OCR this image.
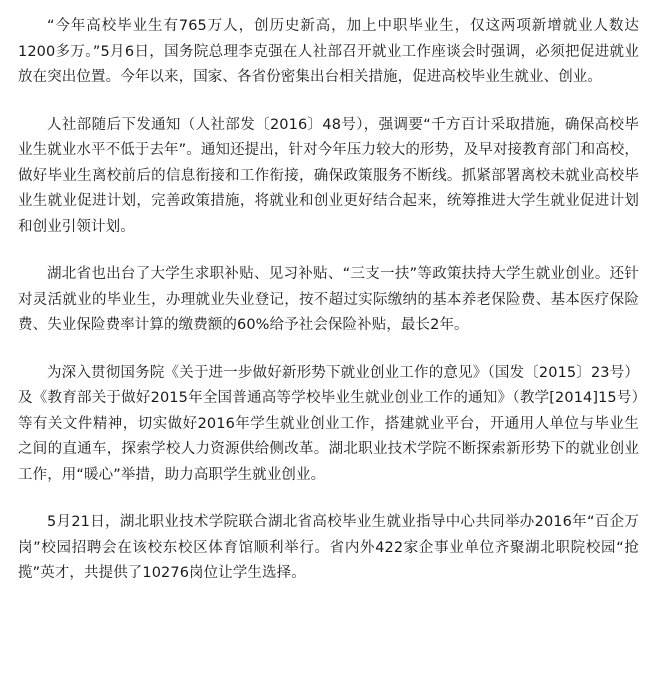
“今年高校毕业生有765万人，创历史新高，加上中职毕业生，仅这两项新增就业人数达1200多万。”5月6日，国务院总理李克强在人社部召开就业工作座谈会时强调，必须把促进就业放在突出位置。今年以来，国家、各省份密集出台相关措施，促进高校毕业生就业、创业。

人社部随后下发通知（人社部发〔2016〕48号），强调要“千方百计采取措施，确保高校毕业生就业水平不低于去年”。通知还提出，针对今年压力较大的形势，及早对接教育部门和高校，做好毕业生离校前后的信息衔接和工作衔接，确保政策服务不断线。抓紧部署离校未就业高校毕业生就业促进计划，完善政策措施，将就业和创业更好结合起来，统筹推进大学生就业促进计划和创业引领计划。

湖北省也出台了大学生求职补贴、见习补贴、“三支一扶”等政策扶持大学生就业创业。还针对灵活就业的毕业生，办理就业失业登记，按不超过实际缴纳的基本养老保险费、基本医疗保险费、失业保险费率计算的缴费额的60%给予社会保险补贴，最长2年。

为深入贯彻国务院《关于进一步做好新形势下就业创业工作的意见》（国发〔2015〕23号）及《教育部关于做好2015年全国普通高等学校毕业生就业创业工作的通知》（教学[2014]15号）等有关文件精神，切实做好2016年学生就业创业工作，搭建就业平台，开通用人单位与毕业生之间的直通车，探索学校人力资源供给侧改革。湖北职业技术学院不断探索新形势下的就业创业工作，用“暖心”举措，助力高职学生就业创业。

5月21日，湖北职业技术学院联合湖北省高校毕业生就业指导中心共同举办2016年“百企万岗”校园招聘会在该校东校区体育馆顺利举行。省内外422家企事业单位齐聚湖北职院校园“抢揽”英才，共提供了10276岗位让学生选择。
